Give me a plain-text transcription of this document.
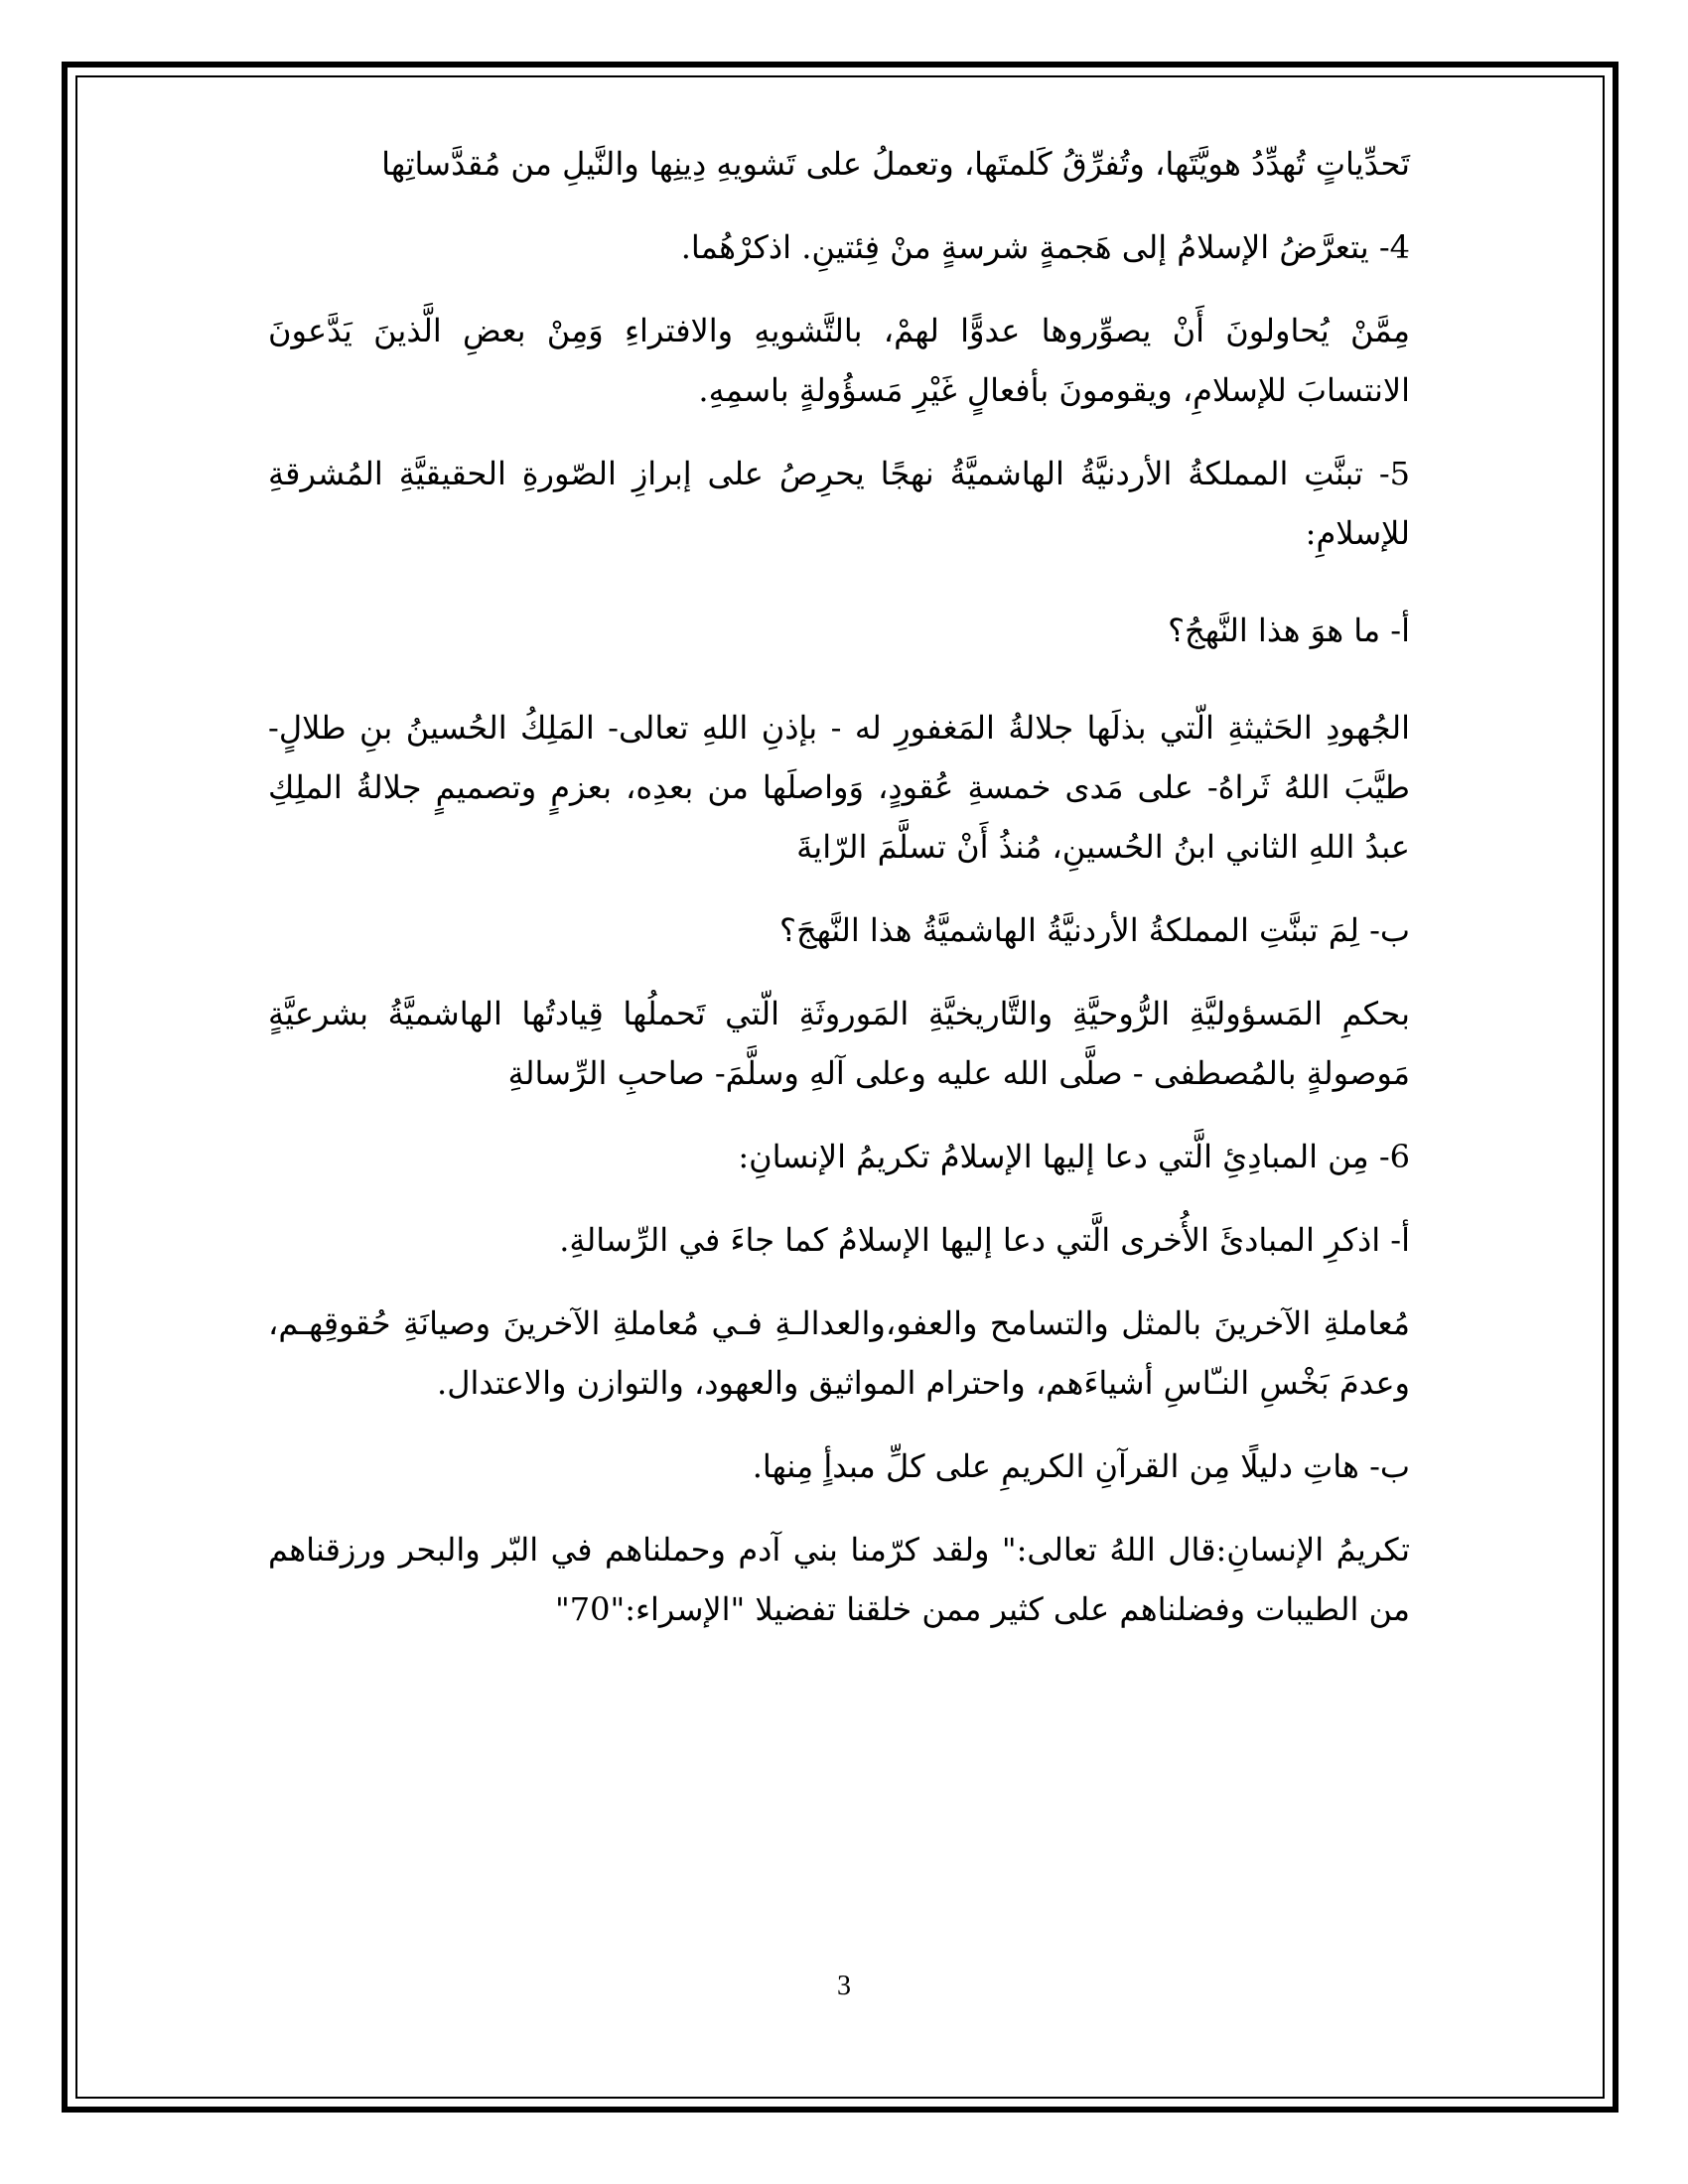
تَحدِّياتٍ تُهدِّدُ هويَّتَها، وتُفرِّقُ كَلمتَها، وتعملُ على تَشويهِ دِينِها والنَّيلِ من مُقدَّساتِها

4- يتعرَّضُ الإسلامُ إلى هَجمةٍ شرسةٍ منْ فِئتينِ. اذكرْهُما.

مِمَّنْ يُحاولونَ أَنْ يصوِّروها عدوًّا لهمْ، بالتَّشويهِ والافتراءِ وَمِنْ بعضِ الَّذينَ يَدَّعونَ الانتسابَ للإسلامِ، ويقومونَ بأفعالٍ غَيْرِ مَسؤُولةٍ باسمِهِ.

5- تبنَّتِ المملكةُ الأردنيَّةُ الهاشميَّةُ نهجًا يحرِصُ على إبرازِ الصّورةِ الحقيقيَّةِ المُشرقةِ للإسلامِ:

أ- ما هوَ هذا النَّهجُ؟

الجُهودِ الحَثيثةِ الّتي بذلَها جلالةُ المَغفورِ له - بإذنِ اللهِ تعالى- المَلِكُ الحُسينُ بنِ طلالٍ- طيَّبَ اللهُ ثَراهُ- على مَدى خمسةِ عُقودٍ، وَواصلَها من بعدِه، بعزمٍ وتصميمٍ جلالةُ الملِكِ عبدُ اللهِ الثاني ابنُ الحُسينِ، مُنذُ أَنْ تسلَّمَ الرّايةَ

ب- لِمَ تبنَّتِ المملكةُ الأردنيَّةُ الهاشميَّةُ هذا النَّهجَ؟

بحكمِ المَسؤوليَّةِ الرُّوحيَّةِ والتَّاريخيَّةِ المَوروثَةِ الّتي تَحملُها قِيادتُها الهاشميَّةُ بشرعيَّةٍ مَوصولةٍ بالمُصطفى - صلَّى الله عليه وعلى آلهِ وسلَّمَ- صاحبِ الرِّسالةِ

6- مِن المبادِئِ الَّتي دعا إليها الإسلامُ تكريمُ الإنسانِ:

أ- اذكرِ المبادئَ الأُخرى الَّتي دعا إليها الإسلامُ كما جاءَ في الرِّسالةِ.

مُعاملةِ الآخرينَ بالمثل والتسامح والعفو،والعدالـةِ فـي مُعاملةِ الآخرينَ وصيانَةِ حُقوقِهـم، وعدمَ بَخْسِ النـّاسِ أشياءَهم، واحترام المواثيق والعهود، والتوازن والاعتدال.

ب- هاتِ دليلًا مِن القرآنِ الكريمِ على كلِّ مبدأٍ مِنها.

تكريمُ الإنسانِ:قال اللهُ تعالى:" ولقد كرّمنا بني آدم وحملناهم في البّر والبحر ورزقناهم من الطيبات وفضلناهم على كثير ممن خلقنا تفضيلا "الإسراء:"70"

3
